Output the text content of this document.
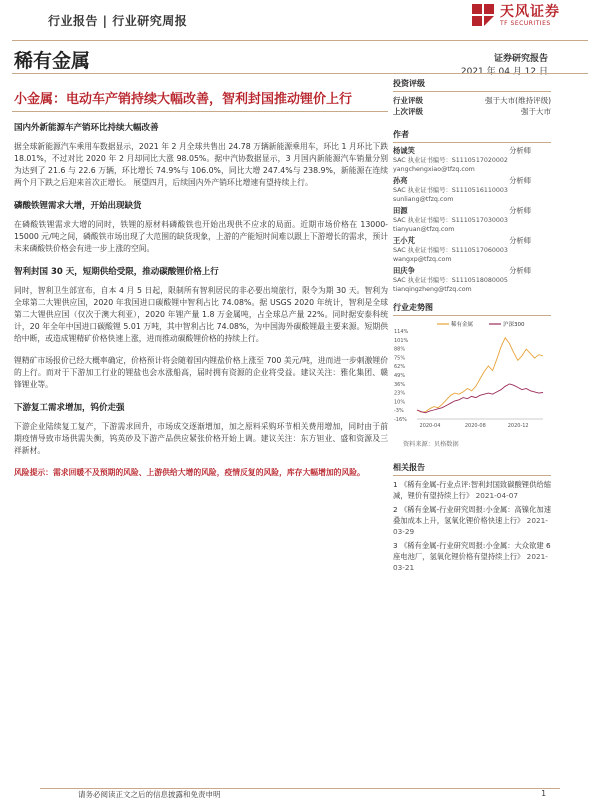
行业报告 | 行业研究周报
天风证券
TF SECURITIES
稀有金属	证券研究报告
2021 年 04 月 12 日
小金属：电动车产销持续大幅改善，智利封国推动锂价上行
国内外新能源车产销环比持续大幅改善
据全球新能源汽车乘用车数据显示，2021 年 2 月全球共售出 24.78 万辆新能源乘用车，环比 1 月环比下跌 18.01%，不过对比 2020 年 2 月却同比大涨 98.05%。据中汽协数据显示，3 月国内新能源汽车销量分别为达到了 21.6 与 22.6 万辆，环比增长 74.9%与 106.0%，同比大增 247.4%与 238.9%，新能源在连续两个月下跌之后迎来首次正增长。 展望四月，后续国内外产销环比增速有望持续上行。
磷酸铁锂需求大增，开始出现缺货
在磷酸铁锂需求大增的同时，铁锂的原材料磷酸铁也开始出现供不应求的局面。近期市场价格在 13000-15000 元/吨之间，磷酸铁市场出现了大范围的缺货现象，上游的产能短时间难以跟上下游增长的需求，预计未来磷酸铁价格会有进一步上涨的空间。
智利封国 30 天，短期供给受限，推动碳酸锂价格上行
同时，智利卫生部宣布，自本 4 月 5 日起，限制所有智利居民的非必要出境旅行，限令为期 30 天。智利为全球第二大锂供应国，2020 年我国进口碳酸锂中智利占比 74.08%。据 USGS 2020 年统计，智利是全球第二大锂供应国（仅次于澳大利亚），2020 年锂产量 1.8 万金属吨，占全球总产量 22%。同时据安泰科统计，20 年全年中国进口碳酸锂 5.01 万吨，其中智利占比 74.08%，为中国海外碳酸锂最主要来源。短期供给中断，或造成锂精矿价格快速上涨，进而推动碳酸锂价格的持续上行。
锂精矿市场报价已经大概率确定，价格预计将会随着国内锂盐价格上涨至 700 美元/吨，进而进一步刺激锂价的上行。而对于下游加工行业的锂盐也会水涨船高，届时拥有资源的企业将受益。建议关注：雅化集团、赣锋锂业等。
下游复工需求增加，钨价走强
下游企业陆续复工复产，下游需求回升，市场成交逐渐增加，加之原料采购环节相关费用增加，同时由于前期疫情导致市场供需失衡，钨英砂及下游产品供应紧张价格开始上调。建议关注：东方钽业、盛和资源及三祥新材。
风险提示：需求回暖不及预期的风险、上游供给大增的风险，疫情反复的风险，库存大幅增加的风险。
投资评级
行业评级	强于大市(维持评级)
上次评级	强于大市
作者
杨诚笑	分析师
SAC 执业证书编号：S1110517020002
yangchengxiao@tfzq.com
孙亮	分析师
SAC 执业证书编号：S1110516110003
sunliang@tfzq.com
田源	分析师
SAC 执业证书编号：S1110517030003
tianyuan@tfzq.com
王小芃	分析师
SAC 执业证书编号：S1110517060003
wangxp@tfzq.com
田庆争	分析师
SAC 执业证书编号：S1110518080005
tianqingzheng@tfzq.com
行业走势图
-16%
-3%
10%
23%
36%
49%
62%
75%
88%
101%
114%
2020-04	2020-08	2020-12
稀有金属	沪深300
资料来源：贝格数据
相关报告
1 《稀有金属-行业点评:智利封国致碳酸锂供给缩减，锂价有望持续上行》 2021-04-07
2 《稀有金属-行业研究周报:小金属：高镍化加速叠加成本上升，氢氧化锂价格快速上行》 2021-03-29
3 《稀有金属-行业研究周报:小金属：大众欲建 6 座电池厂，氢氧化锂价格有望持续上行》 2021-03-21
请务必阅读正文之后的信息披露和免责申明	1
